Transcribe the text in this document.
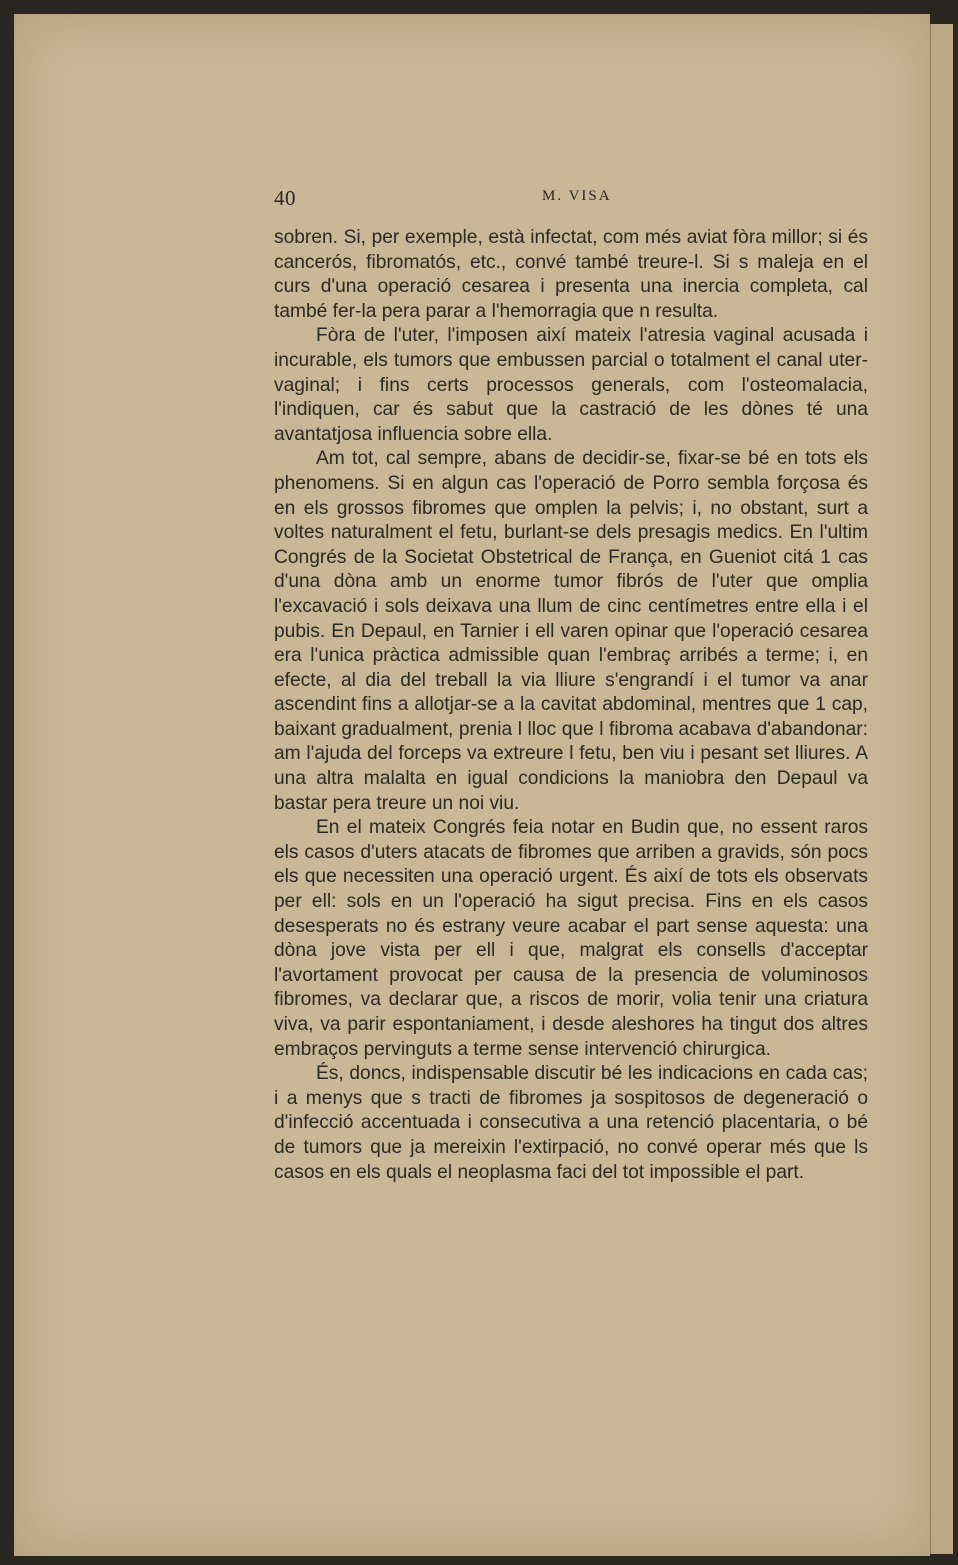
40	M. VISA

sobren. Si, per exemple, està infectat, com més aviat fòra millor; si és cancerós, fibromatós, etc., convé també treure-l. Si s maleja en el curs d'una operació cesarea i presenta una inercia completa, cal també fer-la pera parar a l'hemorragia que n resulta.

Fòra de l'uter, l'imposen així mateix l'atresia vaginal acusada i incurable, els tumors que embussen parcial o totalment el canal uter-vaginal; i fins certs processos generals, com l'osteomalacia, l'indiquen, car és sabut que la castració de les dònes té una avantatjosa influencia sobre ella.

Am tot, cal sempre, abans de decidir-se, fixar-se bé en tots els phenomens. Si en algun cas l'operació de Porro sembla forçosa és en els grossos fibromes que omplen la pelvis; i, no obstant, surt a voltes naturalment el fetu, burlant-se dels presagis medics. En l'ultim Congrés de la Societat Obstetrical de França, en Gueniot citá 1 cas d'una dòna amb un enorme tumor fibrós de l'uter que omplia l'excavació i sols deixava una llum de cinc centímetres entre ella i el pubis. En Depaul, en Tarnier i ell varen opinar que l'operació cesarea era l'unica pràctica admissible quan l'embraç arribés a terme; i, en efecte, al dia del treball la via lliure s'engrandí i el tumor va anar ascendint fins a allotjar-se a la cavitat abdominal, mentres que 1 cap, baixant gradualment, prenia l lloc que l fibroma acabava d'abandonar: am l'ajuda del forceps va extreure l fetu, ben viu i pesant set lliures. A una altra malalta en igual condicions la maniobra den Depaul va bastar pera treure un noi viu.

En el mateix Congrés feia notar en Budin que, no essent raros els casos d'uters atacats de fibromes que arriben a gravids, són pocs els que necessiten una operació urgent. És així de tots els observats per ell: sols en un l'operació ha sigut precisa. Fins en els casos desesperats no és estrany veure acabar el part sense aquesta: una dòna jove vista per ell i que, malgrat els consells d'acceptar l'avortament provocat per causa de la presencia de voluminosos fibromes, va declarar que, a riscos de morir, volia tenir una criatura viva, va parir espontaniament, i desde aleshores ha tingut dos altres embraços pervinguts a terme sense intervenció chirurgica.

És, doncs, indispensable discutir bé les indicacions en cada cas; i a menys que s tracti de fibromes ja sospitosos de degeneració o d'infecció accentuada i consecutiva a una retenció placentaria, o bé de tumors que ja mereixin l'extirpació, no convé operar més que ls casos en els quals el neoplasma faci del tot impossible el part.
